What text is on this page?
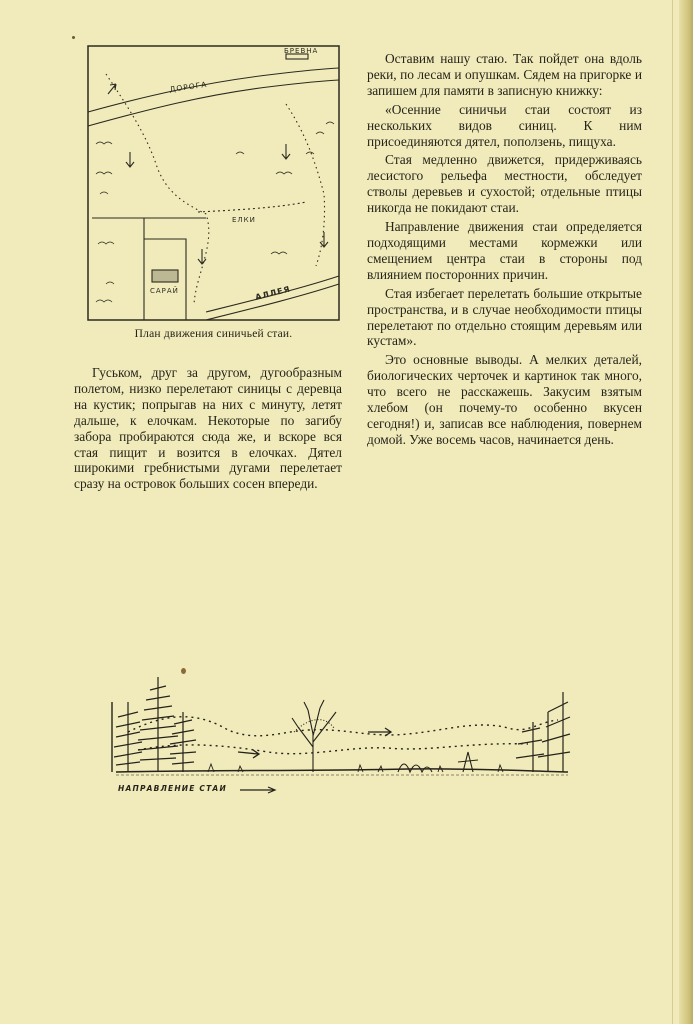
ДОРОГА
БРЕВНА
ЕЛКИ
САРАЙ	АЛЛЕЯ
План движения синичьей стаи.

Гуськом, друг за другом, дугообразным полетом, низко перелетают синицы с деревца на кустик; попрыгав на них с минуту, летят дальше, к елочкам. Некоторые по загибу забора пробираются сюда же, и вскоре вся стая пищит и возится в елочках. Дятел широкими гребнистыми дугами перелетает сразу на островок больших сосен впереди.

Оставим нашу стаю. Так пойдет она вдоль реки, по лесам и опушкам. Сядем на пригорке и запишем для памяти в записную книжку:

«Осенние синичьи стаи состоят из нескольких видов синиц. К ним присоединяются дятел, поползень, пищуха.

Стая медленно движется, придерживаясь лесистого рельефа местности, обследует стволы деревьев и сухостой; отдельные птицы никогда не покидают стаи.

Направление движения стаи определяется подходящими местами кормежки или смещением центра стаи в стороны под влиянием посторонних причин.

Стая избегает перелетать большие открытые пространства, и в случае необходимости птицы перелетают по отдельно стоящим деревьям или кустам».

Это основные выводы. А мелких деталей, биологических черточек и картинок так много, что всего не расскажешь. Закусим взятым хлебом (он почему-то особенно вкусен сегодня!) и, записав все наблюдения, повернем домой. Уже восемь часов, начинается день.

НАПРАВЛЕНИЕ СТАИ
